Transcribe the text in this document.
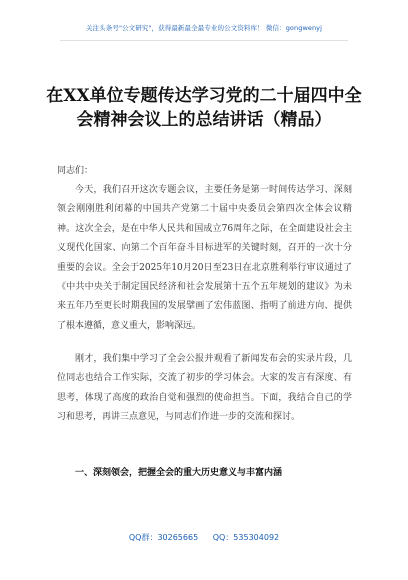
关注头条号"公文研究"，获得最新最全最专业的公文资料库！ 微信：gongwenyj
在XX单位专题传达学习党的二十届四中全会精神会议上的总结讲话（精品）
同志们：
今天，我们召开这次专题会议，主要任务是第一时间传达学习、深刻领会刚刚胜利闭幕的中国共产党第二十届中央委员会第四次全体会议精神。这次全会，是在中华人民共和国成立76周年之际，在全面建设社会主义现代化国家、向第二个百年奋斗目标进军的关键时刻，召开的一次十分重要的会议。全会于2025年10月20日至23日在北京胜利举行审议通过了《中共中央关于制定国民经济和社会发展第十五个五年规划的建议》为未来五年乃至更长时期我国的发展擘画了宏伟蓝图、指明了前进方向、提供了根本遵循，意义重大，影响深远。
刚才，我们集中学习了全会公报并观看了新闻发布会的实录片段，几位同志也结合工作实际，交流了初步的学习体会。大家的发言有深度、有思考，体现了高度的政治自觉和强烈的使命担当。下面，我结合自己的学习和思考，再讲三点意见，与同志们作进一步的交流和探讨。
一、深刻领会，把握全会的重大历史意义与丰富内涵
QQ群：30265665 QQ：535304092
